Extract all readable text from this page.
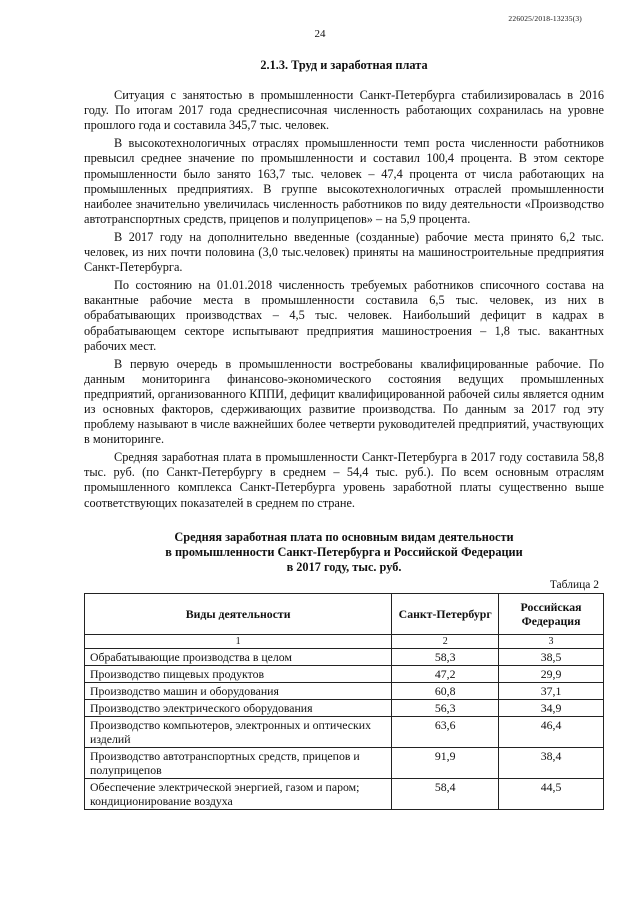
226025/2018-13235(3)
24
2.1.3. Труд и заработная плата

Ситуация с занятостью в промышленности Санкт-Петербурга стабилизировалась в 2016 году. По итогам 2017 года среднесписочная численность работающих сохранилась на уровне прошлого года и составила 345,7 тыс. человек.

В высокотехнологичных отраслях промышленности темп роста численности работников превысил среднее значение по промышленности и составил 100,4 процента. В этом секторе промышленности было занято 163,7 тыс. человек – 47,4 процента от числа работающих на промышленных предприятиях. В группе высокотехнологичных отраслей промышленности наиболее значительно увеличилась численность работников по виду деятельности «Производство автотранспортных средств, прицепов и полуприцепов» – на 5,9 процента.

В 2017 году на дополнительно введенные (созданные) рабочие места принято 6,2 тыс. человек, из них почти половина (3,0 тыс.человек) приняты на машиностроительные предприятия Санкт-Петербурга.

По состоянию на 01.01.2018 численность требуемых работников списочного состава на вакантные рабочие места в промышленности составила 6,5 тыс. человек, из них в обрабатывающих производствах – 4,5 тыс. человек. Наибольший дефицит в кадрах в обрабатывающем секторе испытывают предприятия машиностроения – 1,8 тыс. вакантных рабочих мест.

В первую очередь в промышленности востребованы квалифицированные рабочие. По данным мониторинга финансово-экономического состояния ведущих промышленных предприятий, организованного КППИ, дефицит квалифицированной рабочей силы является одним из основных факторов, сдерживающих развитие производства. По данным за 2017 год эту проблему называют в числе важнейших более четверти руководителей предприятий, участвующих в мониторинге.

Средняя заработная плата в промышленности Санкт-Петербурга в 2017 году составила 58,8 тыс. руб. (по Санкт-Петербургу в среднем – 54,4 тыс. руб.). По всем основным отраслям промышленного комплекса Санкт-Петербурга уровень заработной платы существенно выше соответствующих показателей в среднем по стране.

Средняя заработная плата по основным видам деятельности
в промышленности Санкт-Петербурга и Российской Федерации
в 2017 году, тыс. руб.
Таблица 2
Виды деятельности	Санкт-Петербург	Российская Федерация
1	2	3
Обрабатывающие производства в целом	58,3	38,5
Производство пищевых продуктов	47,2	29,9
Производство машин и оборудования	60,8	37,1
Производство электрического оборудования	56,3	34,9
Производство компьютеров, электронных и оптических изделий	63,6	46,4
Производство автотранспортных средств, прицепов и полуприцепов	91,9	38,4
Обеспечение электрической энергией, газом и паром; кондиционирование воздуха	58,4	44,5
